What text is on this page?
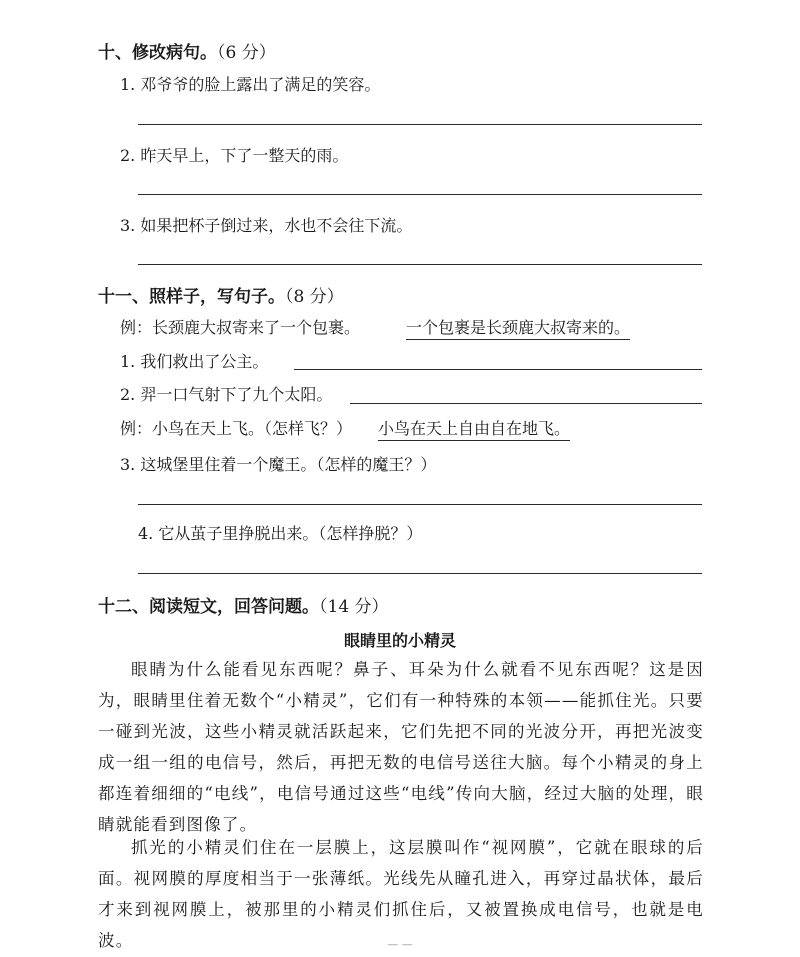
十、修改病句。（6 分）
1. 邓爷爷的脸上露出了满足的笑容。
2. 昨天早上，下了一整天的雨。
3. 如果把杯子倒过来，水也不会往下流。
十一、照样子，写句子。（8 分）
例：长颈鹿大叔寄来了一个包裹。	一个包裹是长颈鹿大叔寄来的。
1. 我们救出了公主。
2. 羿一口气射下了九个太阳。
例：小鸟在天上飞。（怎样飞？） 小鸟在天上自由自在地飞。
3. 这城堡里住着一个魔王。（怎样的魔王？）
4. 它从茧子里挣脱出来。（怎样挣脱？）
十二、阅读短文，回答问题。（14 分）
眼睛里的小精灵
眼睛为什么能看见东西呢？鼻子、耳朵为什么就看不见东西呢？这是因为，眼睛里住着无数个“小精灵”，它们有一种特殊的本领——能抓住光。只要一碰到光波，这些小精灵就活跃起来，它们先把不同的光波分开，再把光波变成一组一组的电信号，然后，再把无数的电信号送往大脑。每个小精灵的身上都连着细细的“电线”，电信号通过这些“电线”传向大脑，经过大脑的处理，眼睛就能看到图像了。
抓光的小精灵们住在一层膜上，这层膜叫作“视网膜”，它就在眼球的后面。视网膜的厚度相当于一张薄纸。光线先从瞳孔进入，再穿过晶状体，最后才来到视网膜上，被那里的小精灵们抓住后，又被置换成电信号，也就是电波。	— —
